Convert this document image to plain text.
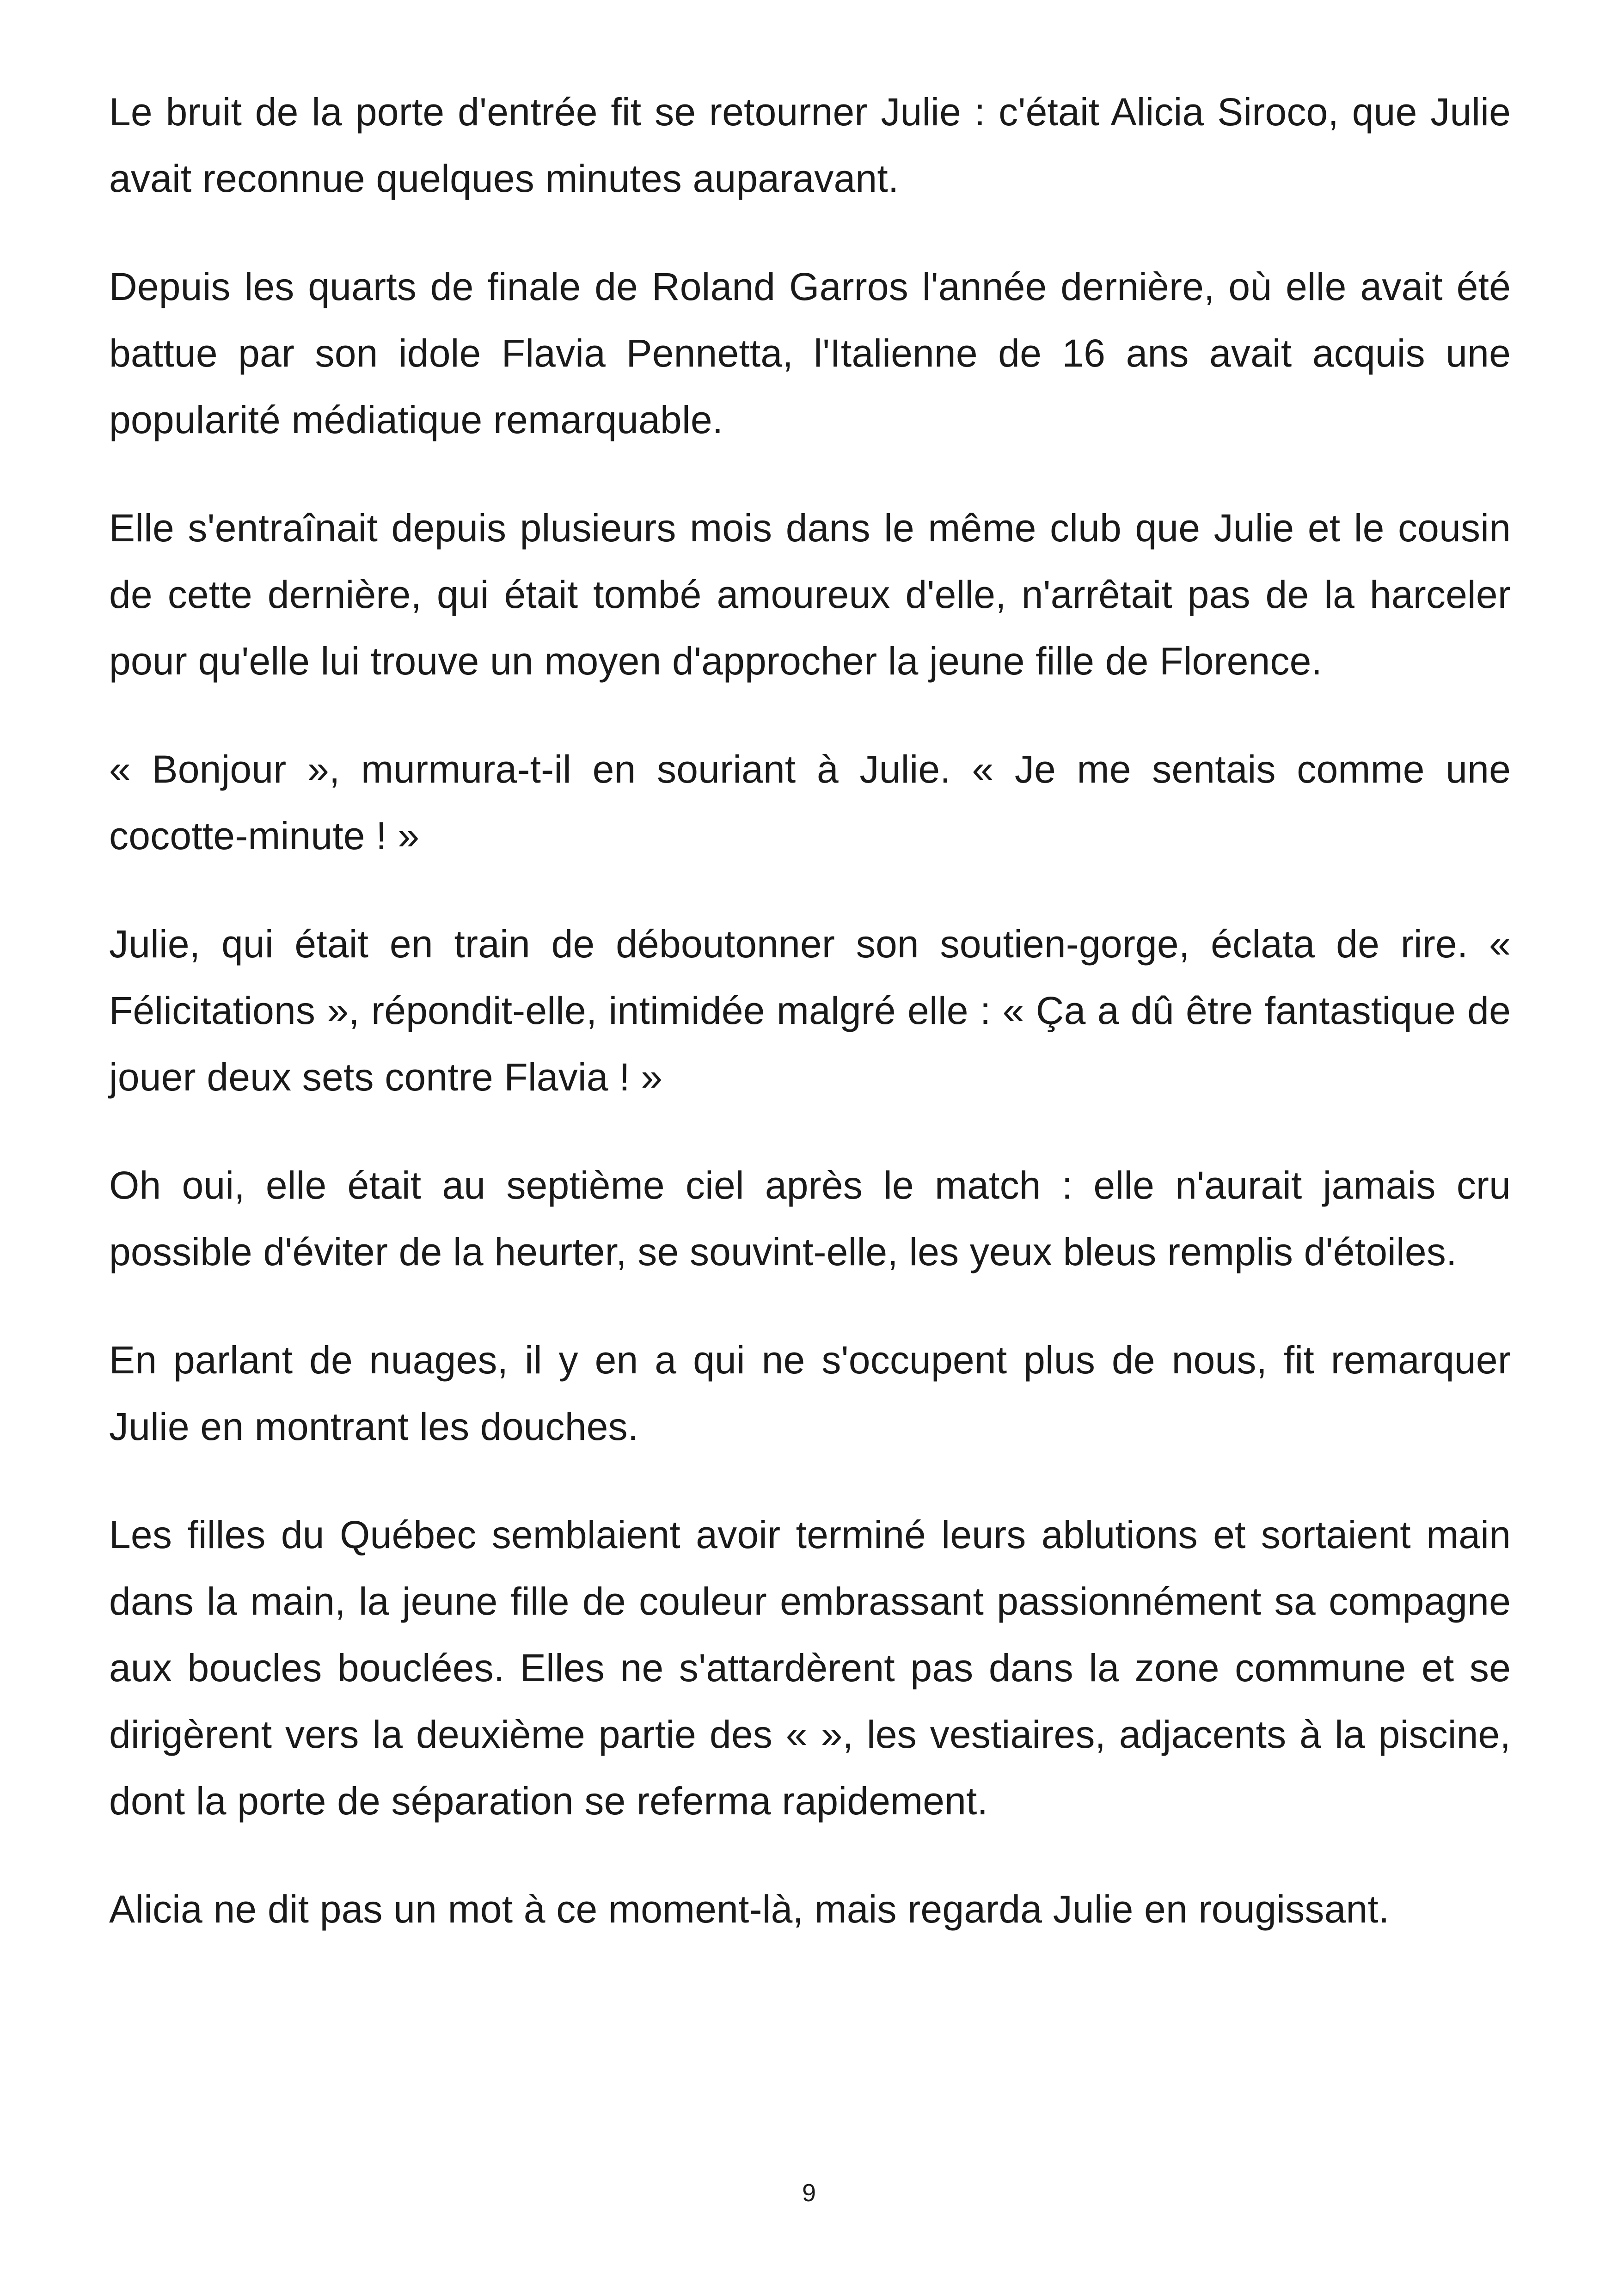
Le bruit de la porte d'entrée fit se retourner Julie : c'était Alicia Siroco, que Julie avait reconnue quelques minutes auparavant.

Depuis les quarts de finale de Roland Garros l'année dernière, où elle avait été battue par son idole Flavia Pennetta, l'Italienne de 16 ans avait acquis une popularité médiatique remarquable.

Elle s'entraînait depuis plusieurs mois dans le même club que Julie et le cousin de cette dernière, qui était tombé amoureux d'elle, n'arrêtait pas de la harceler pour qu'elle lui trouve un moyen d'approcher la jeune fille de Florence.

« Bonjour », murmura-t-il en souriant à Julie. « Je me sentais comme une cocotte-minute ! »

Julie, qui était en train de déboutonner son soutien-gorge, éclata de rire. « Félicitations », répondit-elle, intimidée malgré elle : « Ça a dû être fantastique de jouer deux sets contre Flavia ! »

Oh oui, elle était au septième ciel après le match : elle n'aurait jamais cru possible d'éviter de la heurter, se souvint-elle, les yeux bleus remplis d'étoiles.

En parlant de nuages, il y en a qui ne s'occupent plus de nous, fit remarquer Julie en montrant les douches.

Les filles du Québec semblaient avoir terminé leurs ablutions et sortaient main dans la main, la jeune fille de couleur embrassant passionnément sa compagne aux boucles bouclées. Elles ne s'attardèrent pas dans la zone commune et se dirigèrent vers la deuxième partie des « », les vestiaires, adjacents à la piscine, dont la porte de séparation se referma rapidement.

Alicia ne dit pas un mot à ce moment-là, mais regarda Julie en rougissant.

9
